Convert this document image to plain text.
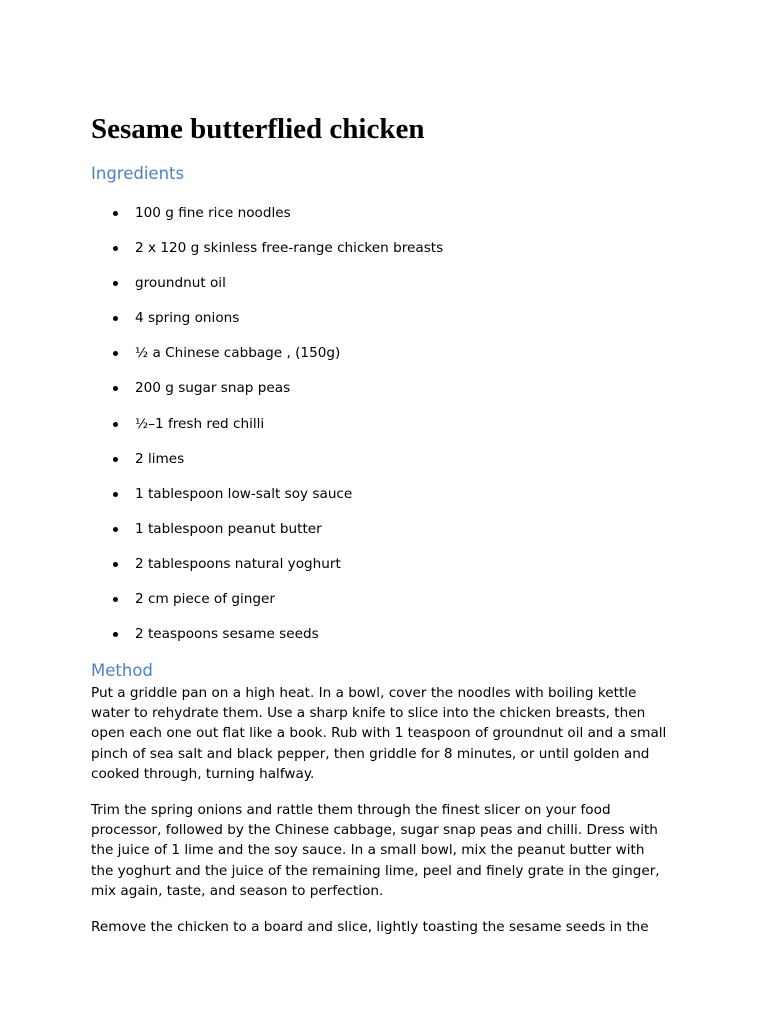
Sesame butterflied chicken
Ingredients
100 g fine rice noodles
2 x 120 g skinless free-range chicken breasts
groundnut oil
4 spring onions
½ a Chinese cabbage , (150g)
200 g sugar snap peas
½–1 fresh red chilli
2 limes
1 tablespoon low-salt soy sauce
1 tablespoon peanut butter
2 tablespoons natural yoghurt
2 cm piece of ginger
2 teaspoons sesame seeds
Method

Put a griddle pan on a high heat. In a bowl, cover the noodles with boiling kettle
water to rehydrate them. Use a sharp knife to slice into the chicken breasts, then
open each one out flat like a book. Rub with 1 teaspoon of groundnut oil and a small
pinch of sea salt and black pepper, then griddle for 8 minutes, or until golden and
cooked through, turning halfway.

Trim the spring onions and rattle them through the finest slicer on your food
processor, followed by the Chinese cabbage, sugar snap peas and chilli. Dress with
the juice of 1 lime and the soy sauce. In a small bowl, mix the peanut butter with
the yoghurt and the juice of the remaining lime, peel and finely grate in the ginger,
mix again, taste, and season to perfection.

Remove the chicken to a board and slice, lightly toasting the sesame seeds in the
